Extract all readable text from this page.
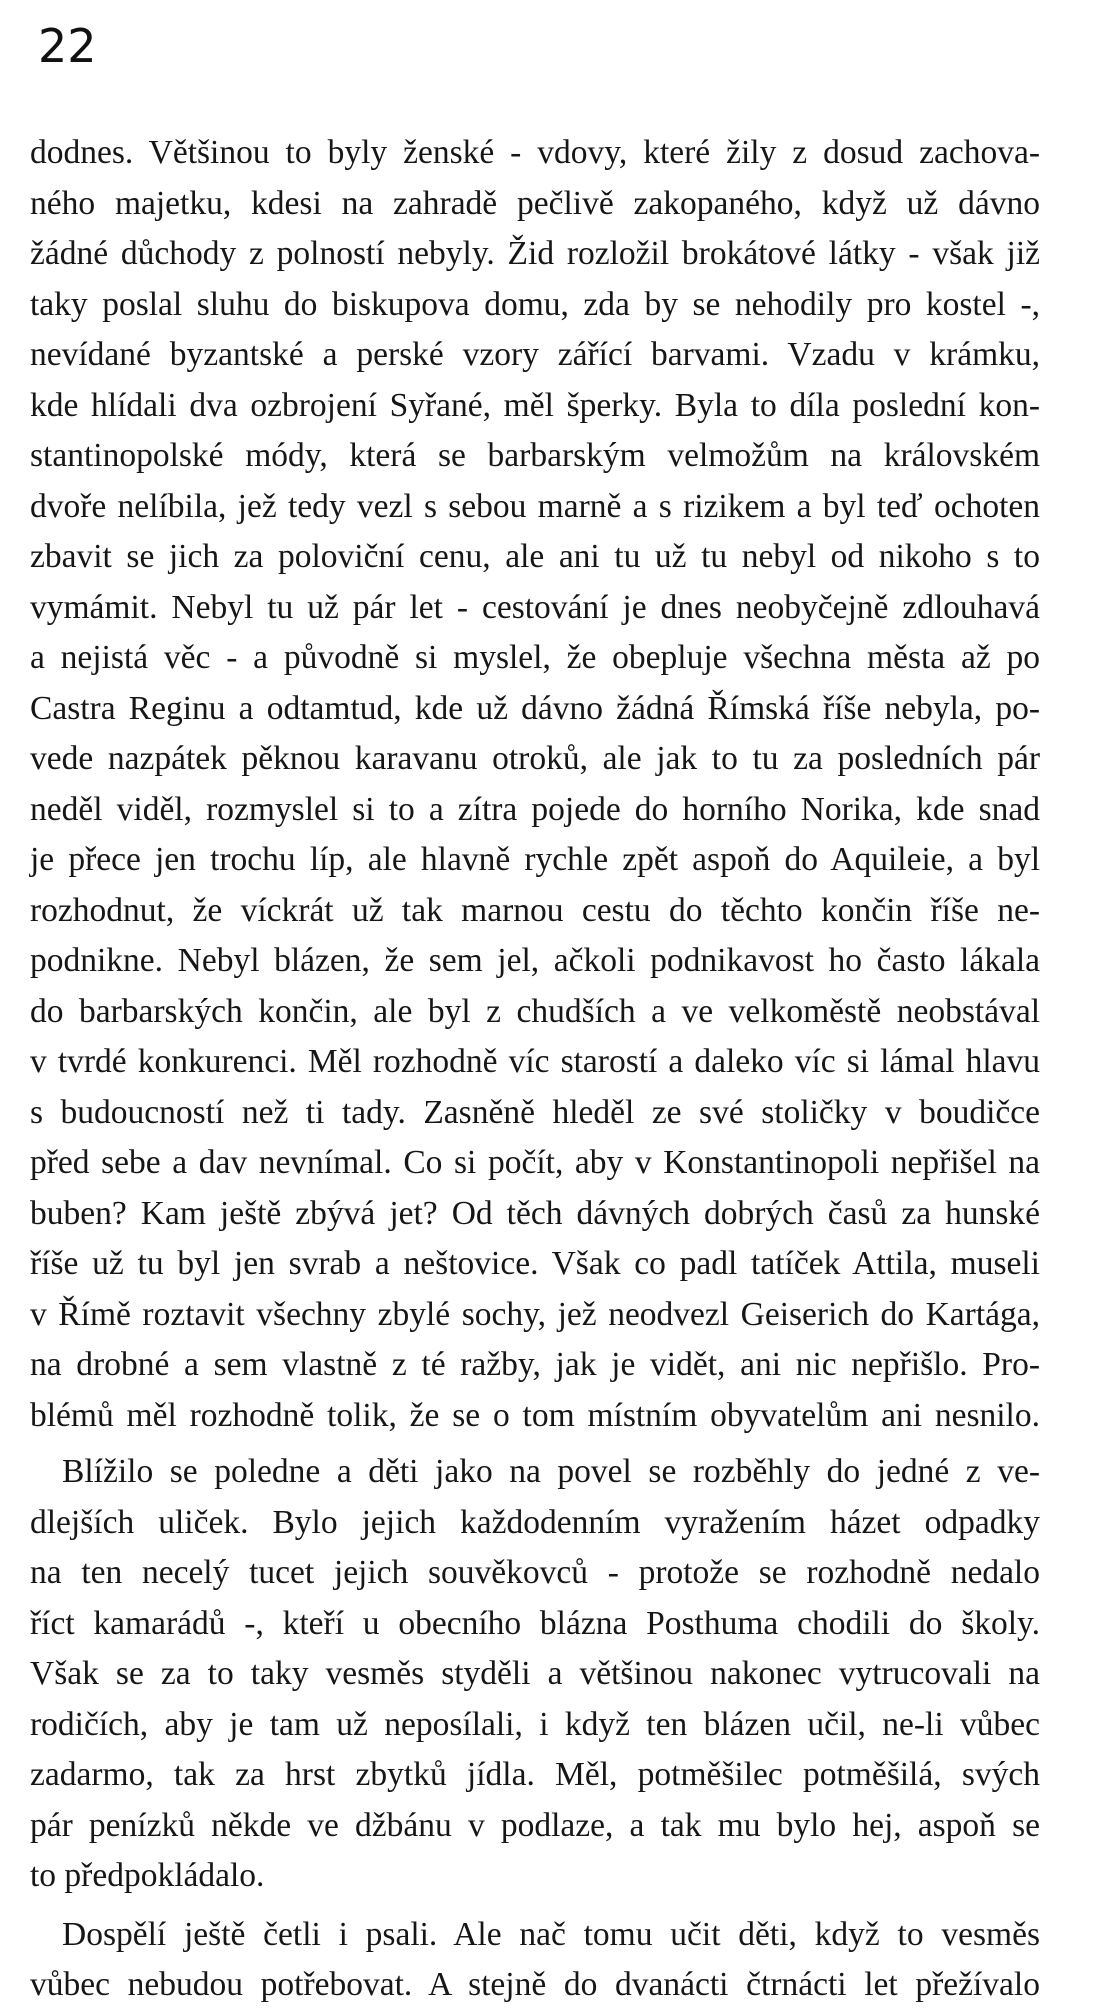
22
dodnes. Většinou to byly ženské - vdovy, které žily z dosud zachova-
ného majetku, kdesi na zahradě pečlivě zakopaného, když už dávno
žádné důchody z polností nebyly. Žid rozložil brokátové látky - však již
taky poslal sluhu do biskupova domu, zda by se nehodily pro kostel -,
nevídané byzantské a perské vzory zářící barvami. Vzadu v krámku,
kde hlídali dva ozbrojení Syřané, měl šperky. Byla to díla poslední kon-
stantinopolské módy, která se barbarským velmožům na královském
dvoře nelíbila, jež tedy vezl s sebou marně a s rizikem a byl teď ochoten
zbavit se jich za poloviční cenu, ale ani tu už tu nebyl od nikoho s to
vymámit. Nebyl tu už pár let - cestování je dnes neobyčejně zdlouhavá
a nejistá věc - a původně si myslel, že obepluje všechna města až po
Castra Reginu a odtamtud, kde už dávno žádná Římská říše nebyla, po-
vede nazpátek pěknou karavanu otroků, ale jak to tu za posledních pár
neděl viděl, rozmyslel si to a zítra pojede do horního Norika, kde snad
je přece jen trochu líp, ale hlavně rychle zpět aspoň do Aquileie, a byl
rozhodnut, že víckrát už tak marnou cestu do těchto končin říše ne-
podnikne. Nebyl blázen, že sem jel, ačkoli podnikavost ho často lákala
do barbarských končin, ale byl z chudších a ve velkoměstě neobstával
v tvrdé konkurenci. Měl rozhodně víc starostí a daleko víc si lámal hlavu
s budoucností než ti tady. Zasněně hleděl ze své stoličky v boudičce
před sebe a dav nevnímal. Co si počít, aby v Konstantinopoli nepřišel na
buben? Kam ještě zbývá jet? Od těch dávných dobrých časů za hunské
říše už tu byl jen svrab a neštovice. Však co padl tatíček Attila, museli
v Římě roztavit všechny zbylé sochy, jež neodvezl Geiserich do Kartága,
na drobné a sem vlastně z té ražby, jak je vidět, ani nic nepřišlo. Pro-
blémů měl rozhodně tolik, že se o tom místním obyvatelům ani nesnilo.
Blížilo se poledne a děti jako na povel se rozběhly do jedné z ve-
dlejších uliček. Bylo jejich každodenním vyražením házet odpadky
na ten necelý tucet jejich souvěkovců - protože se rozhodně nedalo
říct kamarádů -, kteří u obecního blázna Posthuma chodili do školy.
Však se za to taky vesměs styděli a většinou nakonec vytrucovali na
rodičích, aby je tam už neposílali, i když ten blázen učil, ne-li vůbec
zadarmo, tak za hrst zbytků jídla. Měl, potměšilec potměšilá, svých
pár penízků někde ve džbánu v podlaze, a tak mu bylo hej, aspoň se
to předpokládalo.
Dospělí ještě četli i psali. Ale nač tomu učit děti, když to vesměs
vůbec nebudou potřebovat. A stejně do dvanácti čtrnácti let přežívalo
